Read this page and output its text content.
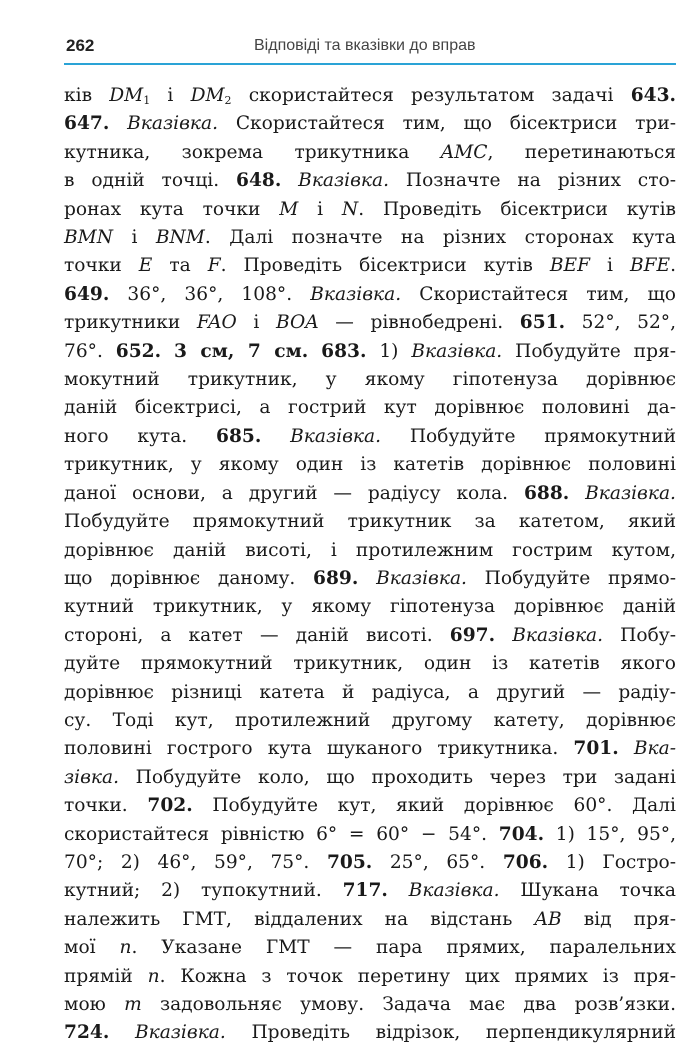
262	Відповіді та вказівки до вправ
ків $DM_1$ і $DM_2$ скористайтеся результатом задачі 643.
647. Вказівка. Скористайтеся тим, що бісектриси три-
кутника, зокрема трикутника AMC, перетинаються
в одній точці. 648. Вказівка. Позначте на різних сто-
ронах кута точки M і N. Проведіть бісектриси кутів
BMN і BNM. Далі позначте на різних сторонах кута
точки E та F. Проведіть бісектриси кутів BEF і BFE.
649. 36°, 36°, 108°. Вказівка. Скористайтеся тим, що
трикутники FAO і BOA — рівнобедрені. 651. 52°, 52°,
76°. 652. 3 см, 7 см. 683. 1) Вказівка. Побудуйте пря-
мокутний трикутник, у якому гіпотенуза дорівнює
даній бісектрисі, а гострий кут дорівнює половині да-
ного кута. 685. Вказівка. Побудуйте прямокутний
трикутник, у якому один із катетів дорівнює половині
даної основи, а другий — радіусу кола. 688. Вказівка.
Побудуйте прямокутний трикутник за катетом, який
дорівнює даній висоті, і протилежним гострим кутом,
що дорівнює даному. 689. Вказівка. Побудуйте прямо-
кутний трикутник, у якому гіпотенуза дорівнює даній
стороні, а катет — даній висоті. 697. Вказівка. Побу-
дуйте прямокутний трикутник, один із катетів якого
дорівнює різниці катета й радіуса, а другий — радіу-
су. Тоді кут, протилежний другому катету, дорівнює
половині гострого кута шуканого трикутника. 701. Вка-
зівка. Побудуйте коло, що проходить через три задані
точки. 702. Побудуйте кут, який дорівнює 60°. Далі
скористайтеся рівністю 6° = 60° − 54°. 704. 1) 15°, 95°,
70°; 2) 46°, 59°, 75°. 705. 25°, 65°. 706. 1) Гостро-
кутний; 2) тупокутний. 717. Вказівка. Шукана точка
належить ГМТ, віддалених на відстань AB від пря-
мої n. Указане ГМТ — пара прямих, паралельних
прямій n. Кожна з точок перетину цих прямих із пря-
мою m задовольняє умову. Задача має два розв’язки.
724. Вказівка. Проведіть відрізок, перпендикулярний
